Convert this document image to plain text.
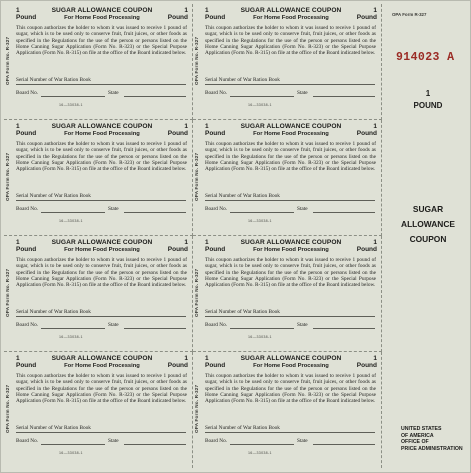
OPA Form No. R-327
1
Pound
SUGAR ALLOWANCE COUPON
For Home Food Processing
1
Pound
This coupon authorizes the holder to whom it was issued to receive 1 pound of sugar, which is to be used only to conserve fruit, fruit juices, or other foods as specified in the Regulations for the use of the person or persons listed on the Home Canning Sugar Application (Form No. R-323) or the Special Purpose Application (Form No. R-315) on file at the office of the Board indicated below.
Serial Number of War Ration Book
Board No.	State
16—33038-1
OPA Form No. R-327
1
Pound
SUGAR ALLOWANCE COUPON
For Home Food Processing
1
Pound
This coupon authorizes the holder to whom it was issued to receive 1 pound of sugar, which is to be used only to conserve fruit, fruit juices, or other foods as specified in the Regulations for the use of the person or persons listed on the Home Canning Sugar Application (Form No. R-323) or the Special Purpose Application (Form No. R-315) on file at the office of the Board indicated below.
Serial Number of War Ration Book
Board No.	State
16—33038-1
OPA Form No. R-327
1
Pound
SUGAR ALLOWANCE COUPON
For Home Food Processing
1
Pound
This coupon authorizes the holder to whom it was issued to receive 1 pound of sugar, which is to be used only to conserve fruit, fruit juices, or other foods as specified in the Regulations for the use of the person or persons listed on the Home Canning Sugar Application (Form No. R-323) or the Special Purpose Application (Form No. R-315) on file at the office of the Board indicated below.
Serial Number of War Ration Book
Board No.	State
16—33038-1
OPA Form No. R-327
1
Pound
SUGAR ALLOWANCE COUPON
For Home Food Processing
1
Pound
This coupon authorizes the holder to whom it was issued to receive 1 pound of sugar, which is to be used only to conserve fruit, fruit juices, or other foods as specified in the Regulations for the use of the person or persons listed on the Home Canning Sugar Application (Form No. R-323) or the Special Purpose Application (Form No. R-315) on file at the office of the Board indicated below.
Serial Number of War Ration Book
Board No.	State
16—33038-1
OPA Form No. R-327
1
Pound
SUGAR ALLOWANCE COUPON
For Home Food Processing
1
Pound
This coupon authorizes the holder to whom it was issued to receive 1 pound of sugar, which is to be used only to conserve fruit, fruit juices, or other foods as specified in the Regulations for the use of the person or persons listed on the Home Canning Sugar Application (Form No. R-323) or the Special Purpose Application (Form No. R-315) on file at the office of the Board indicated below.
Serial Number of War Ration Book
Board No.	State
16—33038-1
OPA Form No. R-327
1
Pound
SUGAR ALLOWANCE COUPON
For Home Food Processing
1
Pound
This coupon authorizes the holder to whom it was issued to receive 1 pound of sugar, which is to be used only to conserve fruit, fruit juices, or other foods as specified in the Regulations for the use of the person or persons listed on the Home Canning Sugar Application (Form No. R-323) or the Special Purpose Application (Form No. R-315) on file at the office of the Board indicated below.
Serial Number of War Ration Book
Board No.	State
16—33038-1
OPA Form No. R-327
1
Pound
SUGAR ALLOWANCE COUPON
For Home Food Processing
1
Pound
This coupon authorizes the holder to whom it was issued to receive 1 pound of sugar, which is to be used only to conserve fruit, fruit juices, or other foods as specified in the Regulations for the use of the person or persons listed on the Home Canning Sugar Application (Form No. R-323) or the Special Purpose Application (Form No. R-315) on file at the office of the Board indicated below.
Serial Number of War Ration Book
Board No.	State
16—33038-1
OPA Form No. R-327
1
Pound
SUGAR ALLOWANCE COUPON
For Home Food Processing
1
Pound
This coupon authorizes the holder to whom it was issued to receive 1 pound of sugar, which is to be used only to conserve fruit, fruit juices, or other foods as specified in the Regulations for the use of the person or persons listed on the Home Canning Sugar Application (Form No. R-323) or the Special Purpose Application (Form No. R-315) on file at the office of the Board indicated below.
Serial Number of War Ration Book
Board No.	State
16—33038-1
OPA Form R-327
914023 A
1
POUND
SUGAR
ALLOWANCE
COUPON
UNITED STATES
OF AMERICA
OFFICE OF
PRICE ADMINISTRATION
